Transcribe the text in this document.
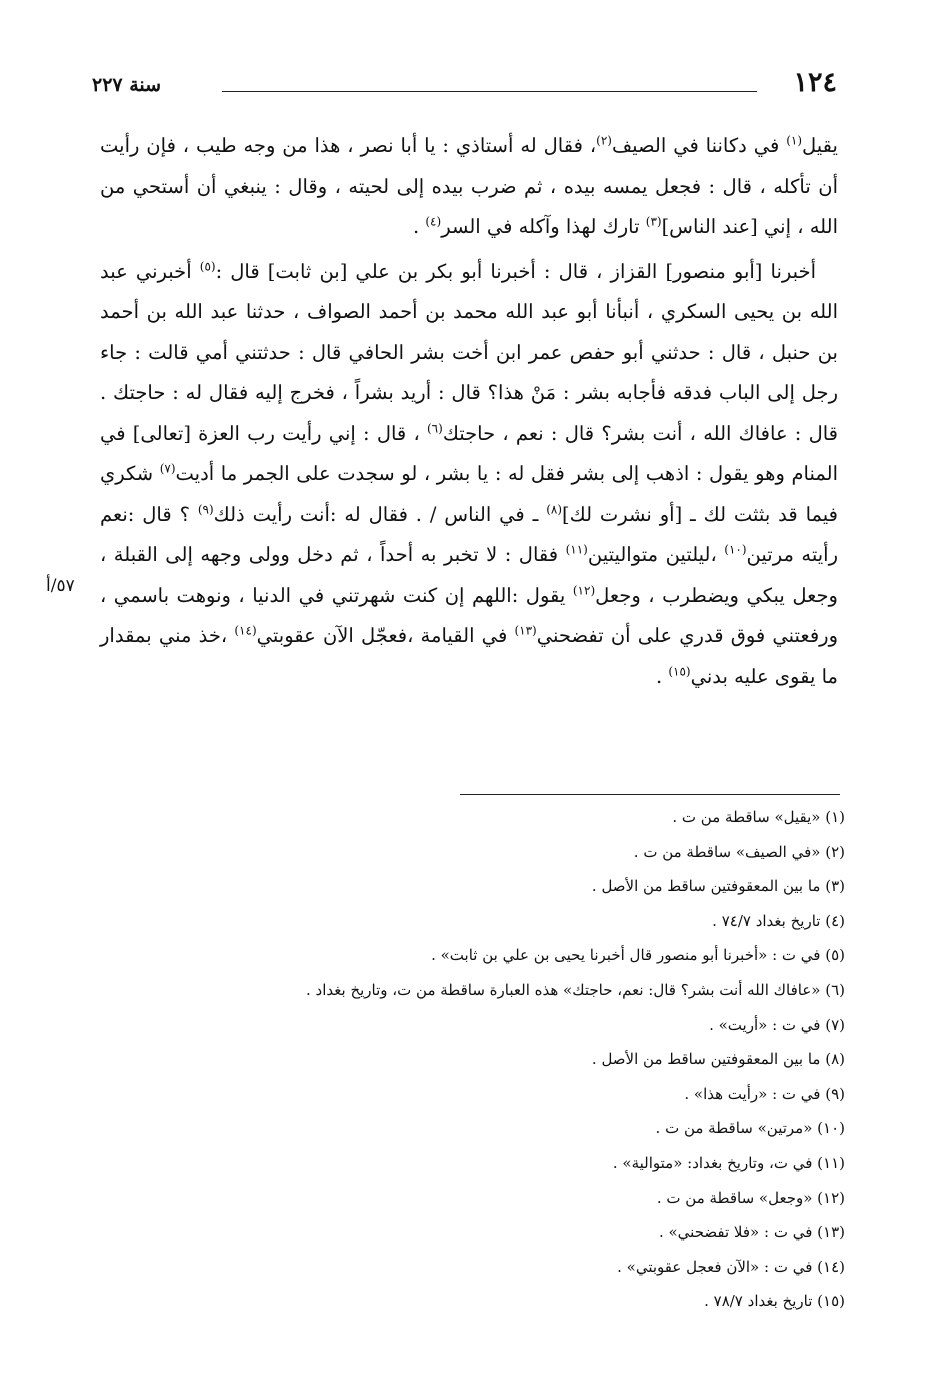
١٢٤
سنة ٢٢٧

يقيل$^{(١)}$ في دكاننا في الصيف$^{(٢)}$، فقال له أستاذي : يا أبا نصر ، هذا من وجه طيب ، فإن رأيت أن تأكله ، قال : فجعل يمسه بيده ، ثم ضرب بيده إلى لحيته ، وقال : ينبغي أن أستحي من الله ، إني [عند الناس]$^{(٣)}$ تارك لهذا وآكله في السر$^{(٤)}$ .

أخبرنا [أبو منصور] القزاز ، قال : أخبرنا أبو بكر بن علي [بن ثابت] قال :$^{(٥)}$ أخبرني عبد الله بن يحيى السكري ، أنبأنا أبو عبد الله محمد بن أحمد الصواف ، حدثنا عبد الله بن أحمد بن حنبل ، قال : حدثني أبو حفص عمر ابن أخت بشر الحافي قال : حدثتني أمي قالت : جاء رجل إلى الباب فدقه فأجابه بشر : مَنْ هذا؟ قال : أريد بشراً ، فخرج إليه فقال له : حاجتك . قال : عافاك الله ، أنت بشر؟ قال : نعم ، حاجتك$^{(٦)}$ ، قال : إني رأيت رب العزة [تعالى] في المنام وهو يقول : اذهب إلى بشر فقل له : يا بشر ، لو سجدت على الجمر ما أديت$^{(٧)}$ شكري فيما قد بثثت لك ـ [أو نشرت لك]$^{(٨)}$ ـ في الناس / . فقال له :أنت رأيت ذلك$^{(٩)}$ ؟ قال :نعم رأيته مرتين$^{(١٠)}$ ،ليلتين متواليتين$^{(١١)}$ فقال : لا تخبر به أحداً ، ثم دخل وولى وجهه إلى القبلة ، وجعل يبكي ويضطرب ، وجعل$^{(١٢)}$ يقول :اللهم إن كنت شهرتني في الدنيا ، ونوهت باسمي ، ورفعتني فوق قدري على أن تفضحني$^{(١٣)}$ في القيامة ،فعجّل الآن عقوبتي$^{(١٤)}$ ،خذ مني بمقدار ما يقوى عليه بدني$^{(١٥)}$ .

٥٧/أ
(١) «يقيل» ساقطة من ت .
(٢) «في الصيف» ساقطة من ت .
(٣) ما بين المعقوفتين ساقط من الأصل .
(٤) تاريخ بغداد ٧٤/٧ .
(٥) في ت : «أخبرنا أبو منصور قال أخبرنا يحيى بن علي بن ثابت» .
(٦) «عافاك الله أنت بشر؟ قال: نعم، حاجتك» هذه العبارة ساقطة من ت، وتاريخ بغداد .
(٧) في ت : «أريت» .
(٨) ما بين المعقوفتين ساقط من الأصل .
(٩) في ت : «رأيت هذا» .
(١٠) «مرتين» ساقطة من ت .
(١١) في ت، وتاريخ بغداد: «متوالية» .
(١٢) «وجعل» ساقطة من ت .
(١٣) في ت : «فلا تفضحني» .
(١٤) في ت : «الآن فعجل عقوبتي» .
(١٥) تاريخ بغداد ٧٨/٧ .
